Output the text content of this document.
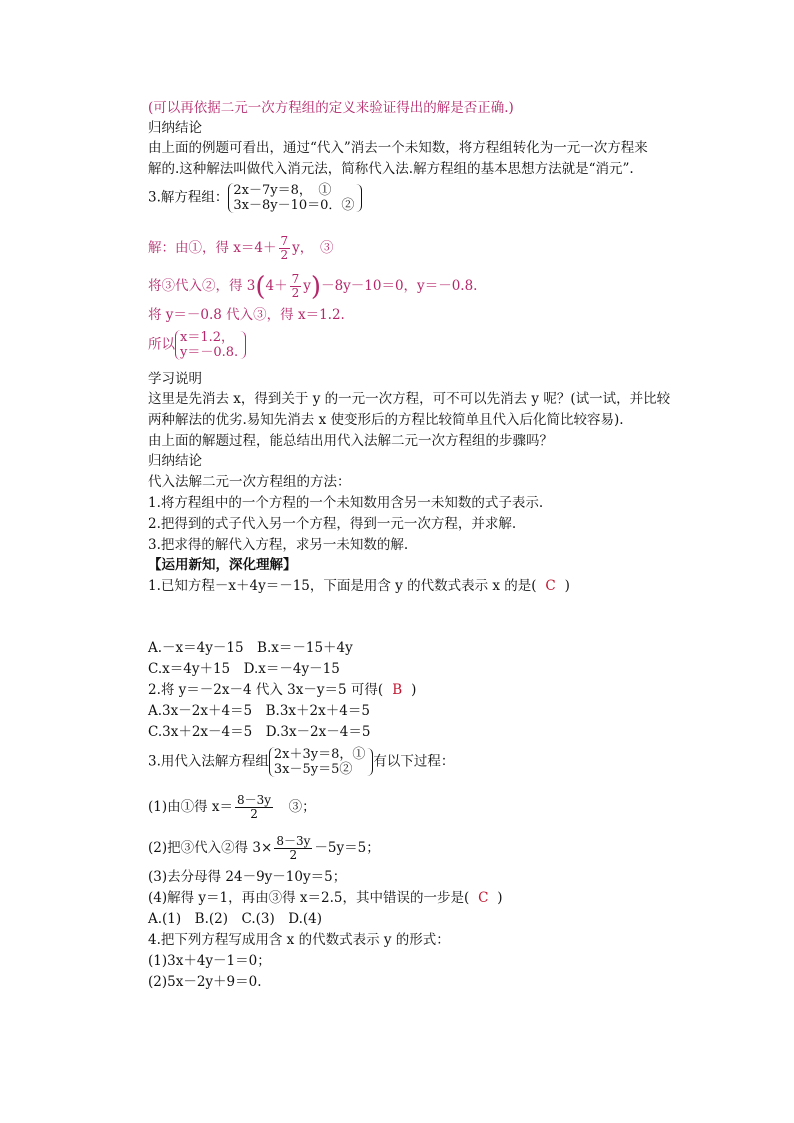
(可以再依据二元一次方程组的定义来验证得出的解是否正确.)
归纳结论
由上面的例题可看出，通过“代入”消去一个未知数，将方程组转化为一元一次方程来
解的.这种解法叫做代入消元法，简称代入法.解方程组的基本思想方法就是“消元”.
3.解方程组： 2x－7y＝8，　①
3x－8y－10＝0．②
解：由①，得 $x=4+ \frac{7}{2}$ y，　③
将③代入②，得 $3(4+ \frac{7}{2} y)-8y-10=0$，y＝－0.8.
将 y＝－0.8 代入③，得 x＝1.2.
所以 x＝1.2，
y＝－0.8.
学习说明
这里是先消去 x，得到关于 y 的一元一次方程，可不可以先消去 y 呢？(试一试，并比较
两种解法的优劣.易知先消去 x 使变形后的方程比较简单且代入后化简比较容易).
由上面的解题过程，能总结出用代入法解二元一次方程组的步骤吗？
归纳结论
代入法解二元一次方程组的方法：
1.将方程组中的一个方程的一个未知数用含另一未知数的式子表示.
2.把得到的式子代入另一个方程，得到一元一次方程，并求解.
3.把求得的解代入方程，求另一未知数的解.
【运用新知，深化理解】
1.已知方程－x＋4y＝－15，下面是用含 y 的代数式表示 x 的是( C )
A.－x＝4y－15　B.x＝－15＋4y
C.x＝4y＋15　D.x＝－4y－15
2.将 y＝－2x－4 代入 3x－y＝5 可得( B )
A.3x－2x＋4＝5　B.3x＋2x＋4＝5
C.3x＋2x－4＝5　D.3x－2x－4＝5
3.用代入法解方程组 2x＋3y＝8，①
3x－5y＝5②	有以下过程：
(1)由①得 $x= \frac{8-3y}{2}$ 　③；
(2)把③代入②得 $3\times \frac{8-3y}{2} -5y=5$；
(3)去分母得 24－9y－10y＝5；
(4)解得 y＝1，再由③得 x＝2.5，其中错误的一步是( C )
A.(1)　B.(2)　C.(3)　D.(4)
4.把下列方程写成用含 x 的代数式表示 y 的形式：
(1)3x＋4y－1＝0；
(2)5x－2y＋9＝0.
